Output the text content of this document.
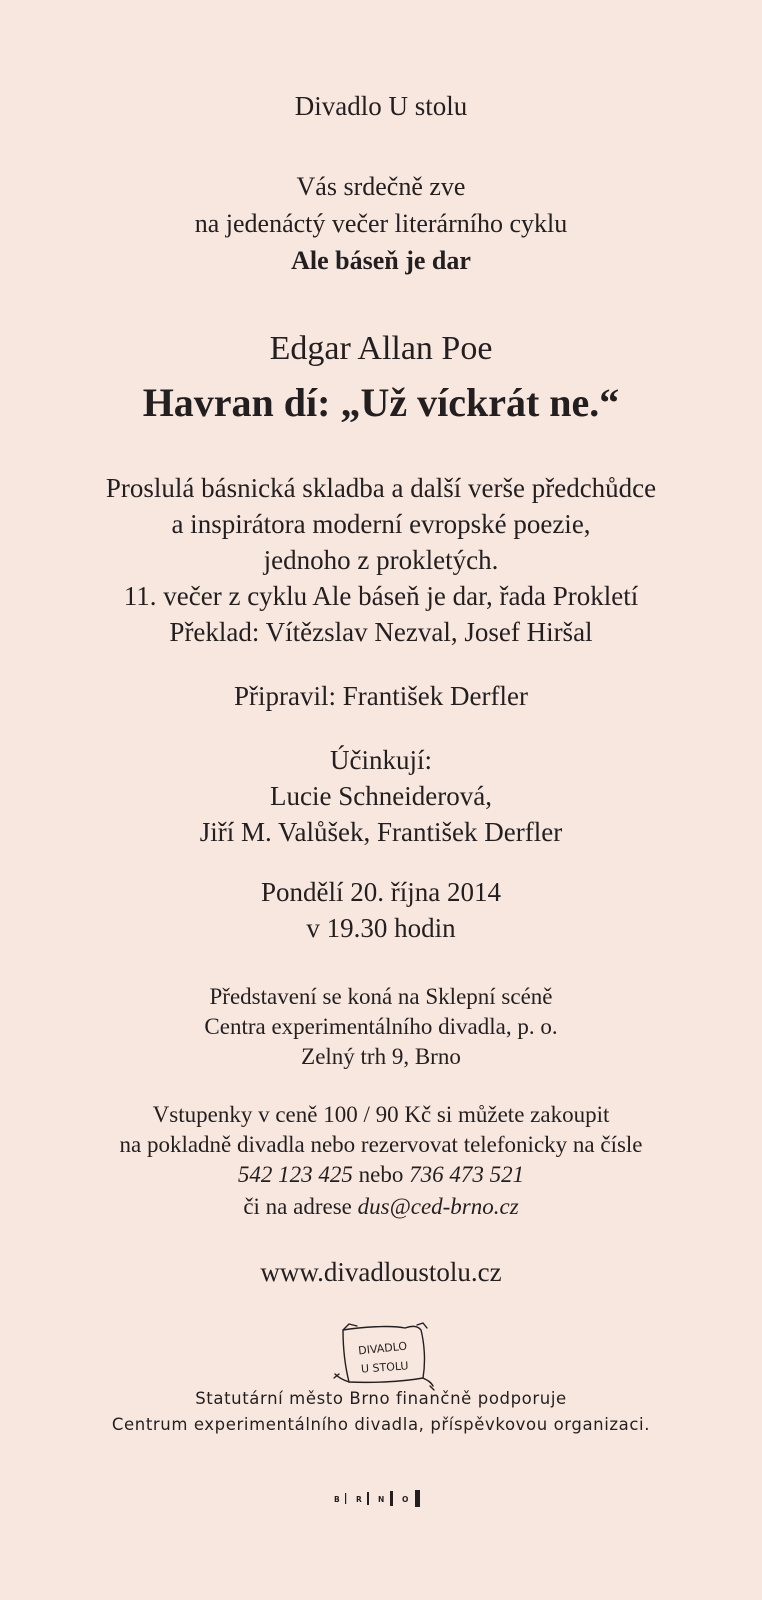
Divadlo U stolu
Vás srdečně zve
na jedenáctý večer literárního cyklu
Ale báseň je dar
Edgar Allan Poe
Havran dí: „Už víckrát ne.“
Proslulá básnická skladba a další verše předchůdce
a inspirátora moderní evropské poezie,
jednoho z prokletých.
11. večer z cyklu Ale báseň je dar, řada Prokletí
Překlad: Vítězslav Nezval, Josef Hiršal
Připravil: František Derfler
Účinkují:
Lucie Schneiderová,
Jiří M. Valůšek, František Derfler
Pondělí 20. října 2014
v 19.30 hodin
Představení se koná na Sklepní scéně
Centra experimentálního divadla, p. o.
Zelný trh 9, Brno
Vstupenky v ceně 100 / 90 Kč si můžete zakoupit
na pokladně divadla nebo rezervovat telefonicky na čísle
542 123 425 nebo 736 473 521
či na adrese dus@ced-brno.cz
www.divadloustolu.cz
DIVADLO
U STOLU
Statutární město Brno finančně podporuje
Centrum experimentálního divadla, příspěvkovou organizaci.
B R N O
